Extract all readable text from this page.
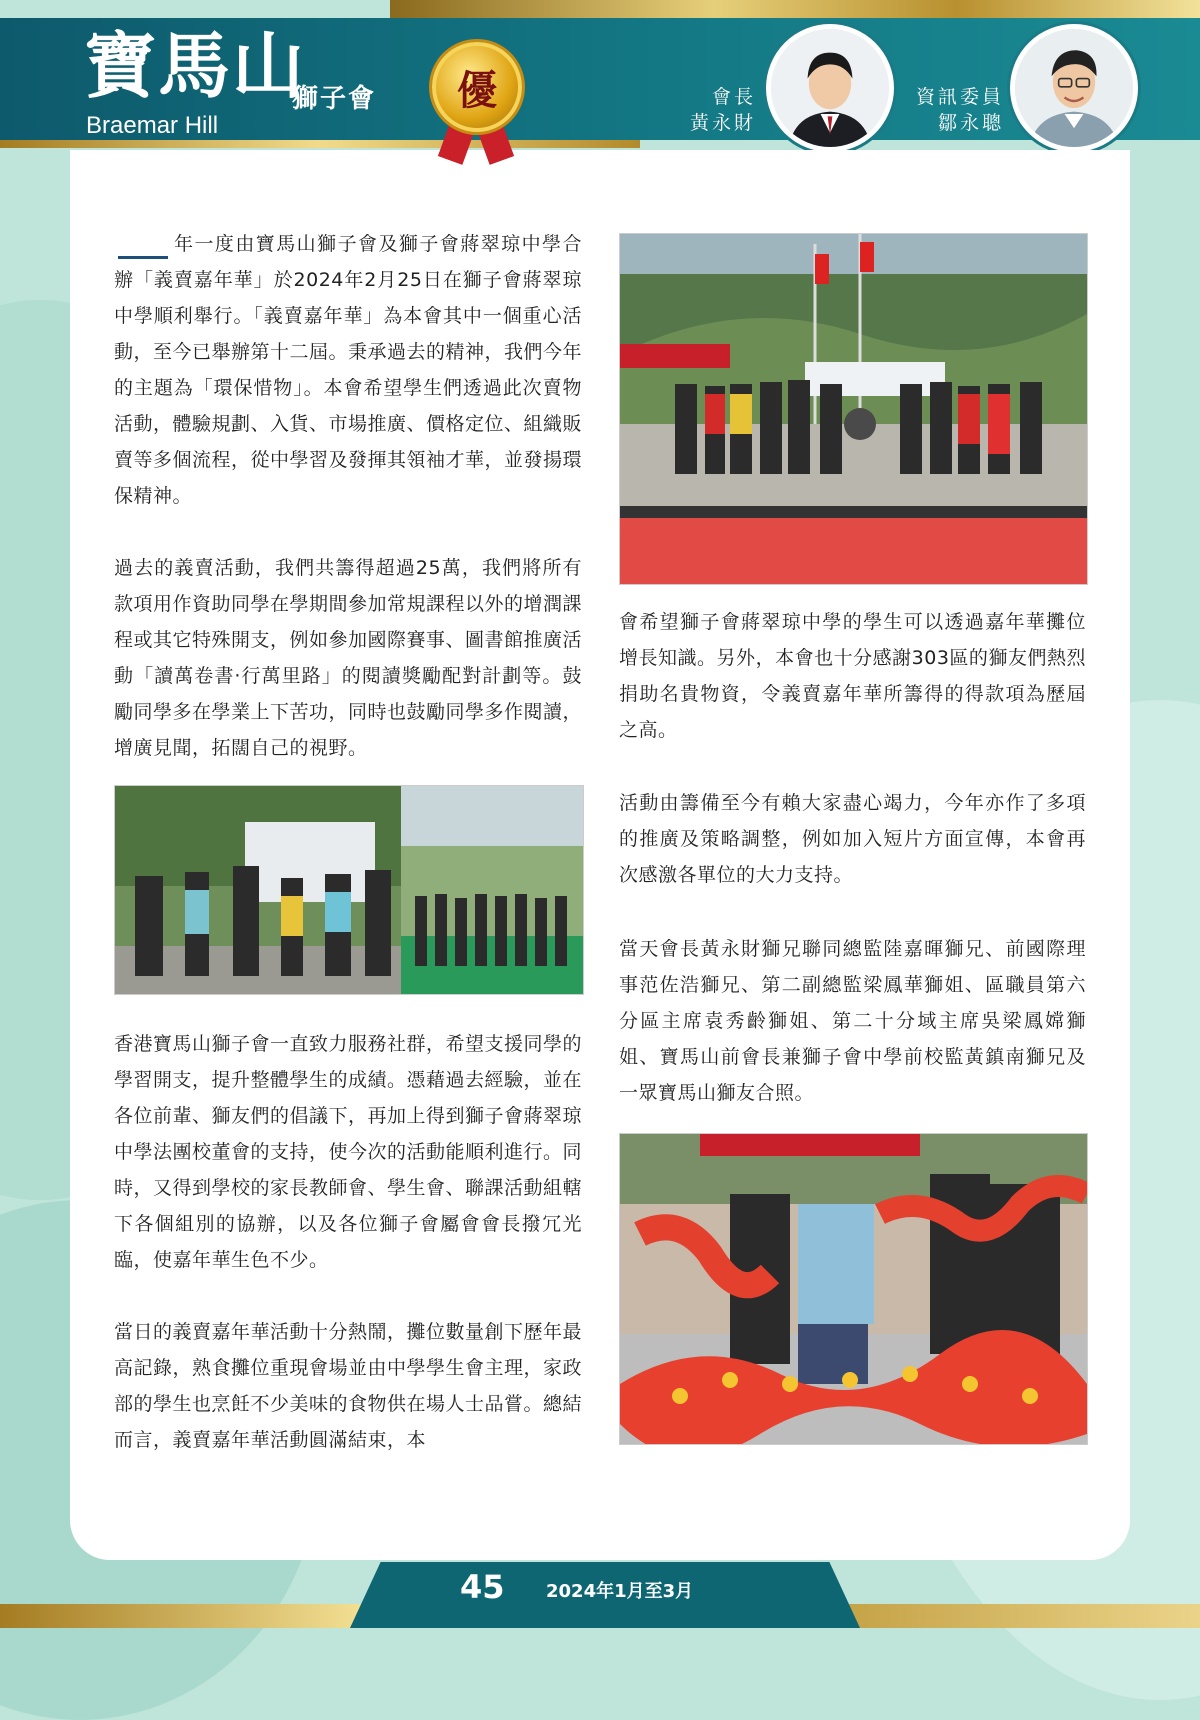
寶馬山
獅子會
Braemar Hill
優	會長
黃永財
資訊委員
鄒永聰
年一度由寶馬山獅子會及獅子會蔣翠琼中學合辦「義賣嘉年華」於2024年2月25日在獅子會蔣翠琼中學順利舉行。「義賣嘉年華」為本會其中一個重心活動，至今已舉辦第十二屆。秉承過去的精神，我們今年的主題為「環保惜物」。本會希望學生們透過此次賣物活動，體驗規劃、入貨、市場推廣、價格定位、組織販賣等多個流程，從中學習及發揮其領袖才華，並發揚環保精神。
過去的義賣活動，我們共籌得超過25萬，我們將所有款項用作資助同學在學期間參加常規課程以外的增潤課程或其它特殊開支，例如參加國際賽事、圖書館推廣活動「讀萬卷書‧行萬里路」的閱讀獎勵配對計劃等。鼓勵同學多在學業上下苦功，同時也鼓勵同學多作閱讀，增廣見聞，拓闊自己的視野。
香港寶馬山獅子會一直致力服務社群，希望支援同學的學習開支，提升整體學生的成績。憑藉過去經驗，並在各位前輩、獅友們的倡議下，再加上得到獅子會蔣翠琼中學法團校董會的支持，使今次的活動能順利進行。同時，又得到學校的家長教師會、學生會、聯課活動組轄下各個組別的協辦，以及各位獅子會屬會會長撥冗光臨，使嘉年華生色不少。
當日的義賣嘉年華活動十分熱鬧，攤位數量創下歷年最高記錄，熟食攤位重現會場並由中學學生會主理，家政部的學生也烹飪不少美味的食物供在場人士品嘗。總結而言，義賣嘉年華活動圓滿結束，本
會希望獅子會蔣翠琼中學的學生可以透過嘉年華攤位增長知識。另外，本會也十分感謝303區的獅友們熱烈捐助名貴物資，令義賣嘉年華所籌得的得款項為歷屆之高。
活動由籌備至今有賴大家盡心竭力，今年亦作了多項的推廣及策略調整，例如加入短片方面宣傳，本會再次感激各單位的大力支持。
當天會長黃永財獅兄聯同總監陸嘉暉獅兄、前國際理事范佐浩獅兄、第二副總監梁鳳華獅姐、區職員第六分區主席袁秀齡獅姐、第二十分域主席吳梁鳳嫦獅姐、寶馬山前會長兼獅子會中學前校監黃鎮南獅兄及一眾寶馬山獅友合照。
45 2024年1月至3月
